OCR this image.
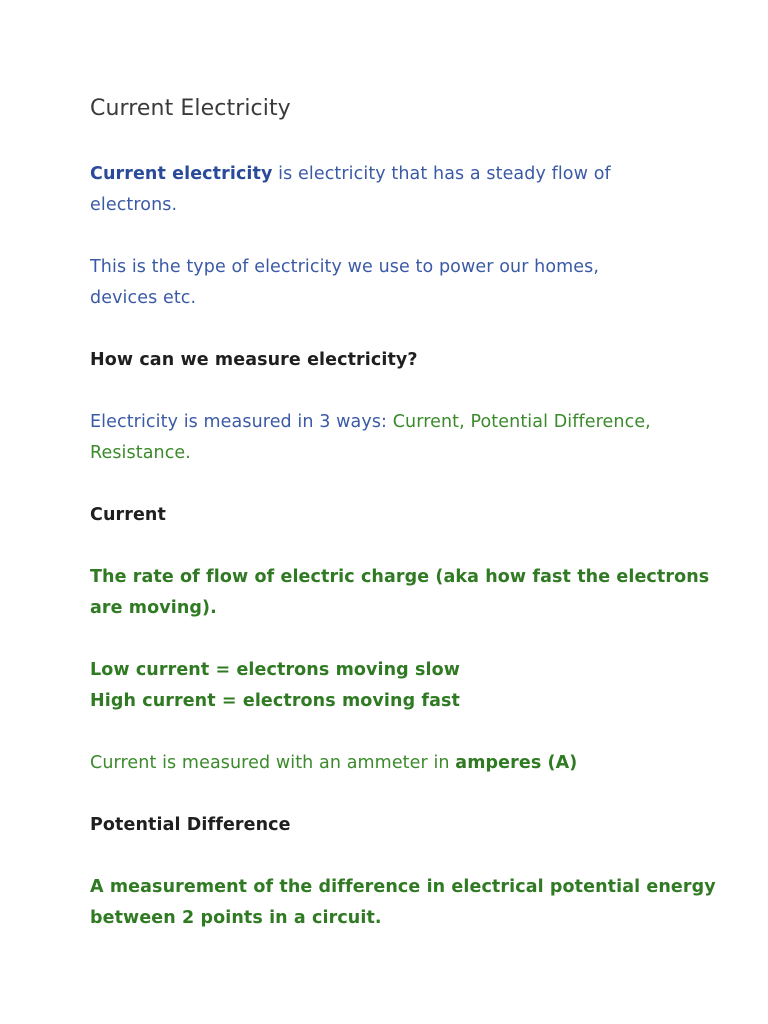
Current Electricity
Current electricity is electricity that has a steady flow of
electrons.
This is the type of electricity we use to power our homes,
devices etc.
How can we measure electricity?
Electricity is measured in 3 ways: Current, Potential Difference,
Resistance.
Current
The rate of flow of electric charge (aka how fast the electrons
are moving).
Low current = electrons moving slow
High current = electrons moving fast
Current is measured with an ammeter in amperes (A)
Potential Difference
A measurement of the difference in electrical potential energy
between 2 points in a circuit.
